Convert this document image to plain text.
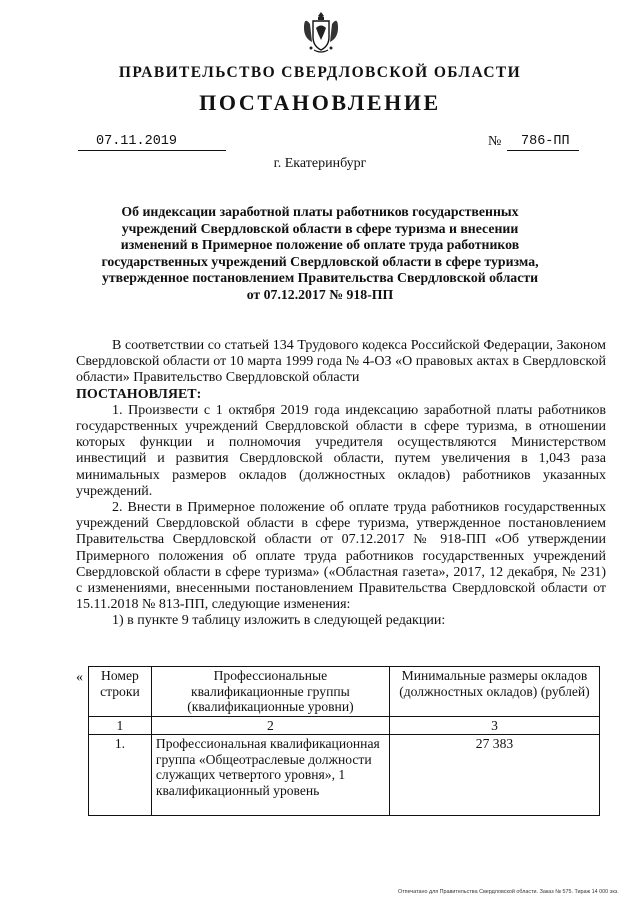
ПРАВИТЕЛЬСТВО СВЕРДЛОВСКОЙ ОБЛАСТИ
ПОСТАНОВЛЕНИЕ
07.11.2019	№	786-ПП
г. Екатеринбург
Об индексации заработной платы работников государственных учреждений Свердловской области в сфере туризма и внесении изменений в Примерное положение об оплате труда работников государственных учреждений Свердловской области в сфере туризма, утвержденное постановлением Правительства Свердловской области от 07.12.2017 № 918-ПП

В соответствии со статьей 134 Трудового кодекса Российской Федерации, Законом Свердловской области от 10 марта 1999 года № 4-ОЗ «О правовых актах в Свердловской области» Правительство Свердловской области

ПОСТАНОВЛЯЕТ:

1. Произвести с 1 октября 2019 года индексацию заработной платы работников государственных учреждений Свердловской области в сфере туризма, в отношении которых функции и полномочия учредителя осуществляются Министерством инвестиций и развития Свердловской области, путем увеличения в 1,043 раза минимальных размеров окладов (должностных окладов) работников указанных учреждений.

2. Внести в Примерное положение об оплате труда работников государственных учреждений Свердловской области в сфере туризма, утвержденное постановлением Правительства Свердловской области от 07.12.2017 № 918-ПП «Об утверждении Примерного положения об оплате труда работников государственных учреждений Свердловской области в сфере туризма» («Областная газета», 2017, 12 декабря, № 231) с изменениями, внесенными постановлением Правительства Свердловской области от 15.11.2018 № 813-ПП, следующие изменения:

1) в пункте 9 таблицу изложить в следующей редакции:

« Номер строки	Профессиональные квалификационные группы (квалификационные уровни)	Минимальные размеры окладов (должностных окладов) (рублей)
1	2	3
1.	Профессиональная квалификационная группа «Общеотраслевые должности служащих четвертого уровня», 1 квалификационный уровень	27 383
Отпечатано для Правительства Свердловской области. Заказ № 575. Тираж 14 000 экз.
